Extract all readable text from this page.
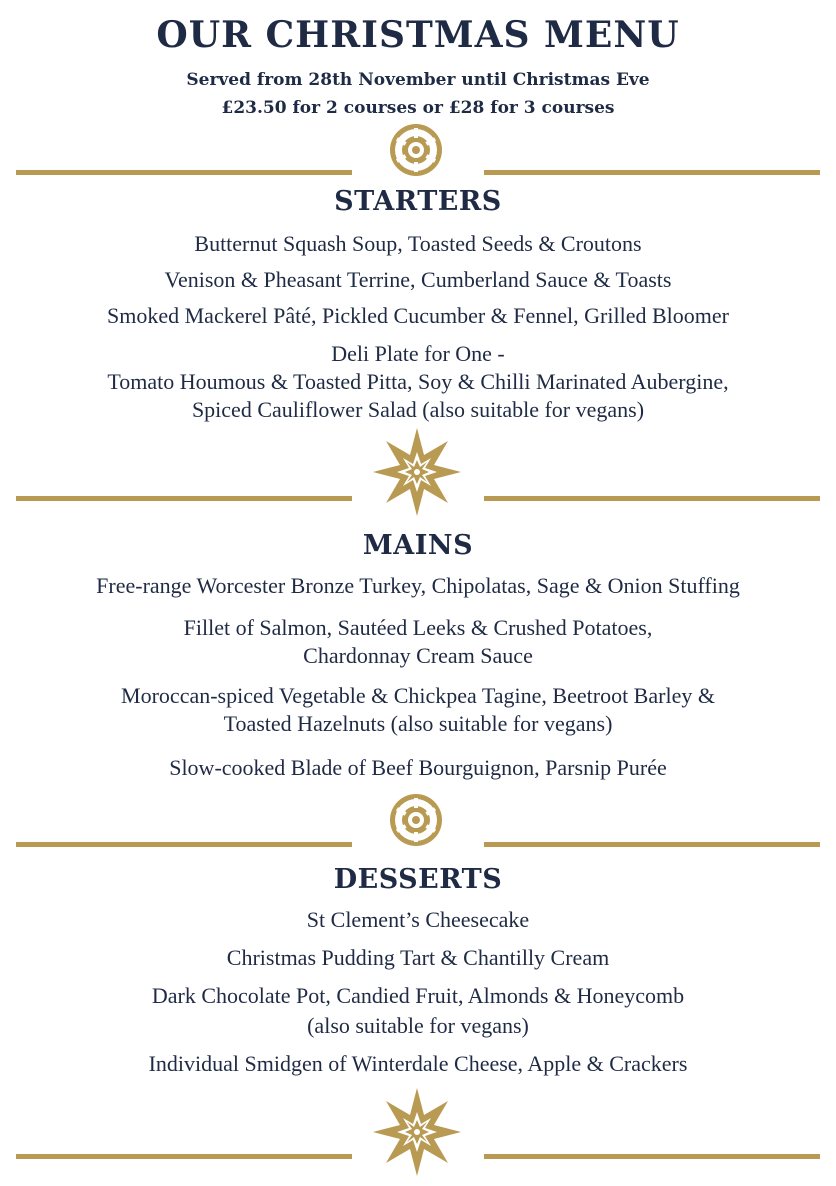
OUR CHRISTMAS MENU
Served from 28th November until Christmas Eve
£23.50 for 2 courses or £28 for 3 courses
STARTERS
Butternut Squash Soup, Toasted Seeds & Croutons
Venison & Pheasant Terrine, Cumberland Sauce & Toasts
Smoked Mackerel Pâté, Pickled Cucumber & Fennel, Grilled Bloomer
Deli Plate for One -
Tomato Houmous & Toasted Pitta, Soy & Chilli Marinated Aubergine,
Spiced Cauliflower Salad (also suitable for vegans)
MAINS
Free-range Worcester Bronze Turkey, Chipolatas, Sage & Onion Stuffing
Fillet of Salmon, Sautéed Leeks & Crushed Potatoes,
Chardonnay Cream Sauce
Moroccan-spiced Vegetable & Chickpea Tagine, Beetroot Barley &
Toasted Hazelnuts (also suitable for vegans)
Slow-cooked Blade of Beef Bourguignon, Parsnip Purée
DESSERTS
St Clement’s Cheesecake
Christmas Pudding Tart & Chantilly Cream
Dark Chocolate Pot, Candied Fruit, Almonds & Honeycomb
(also suitable for vegans)
Individual Smidgen of Winterdale Cheese, Apple & Crackers
